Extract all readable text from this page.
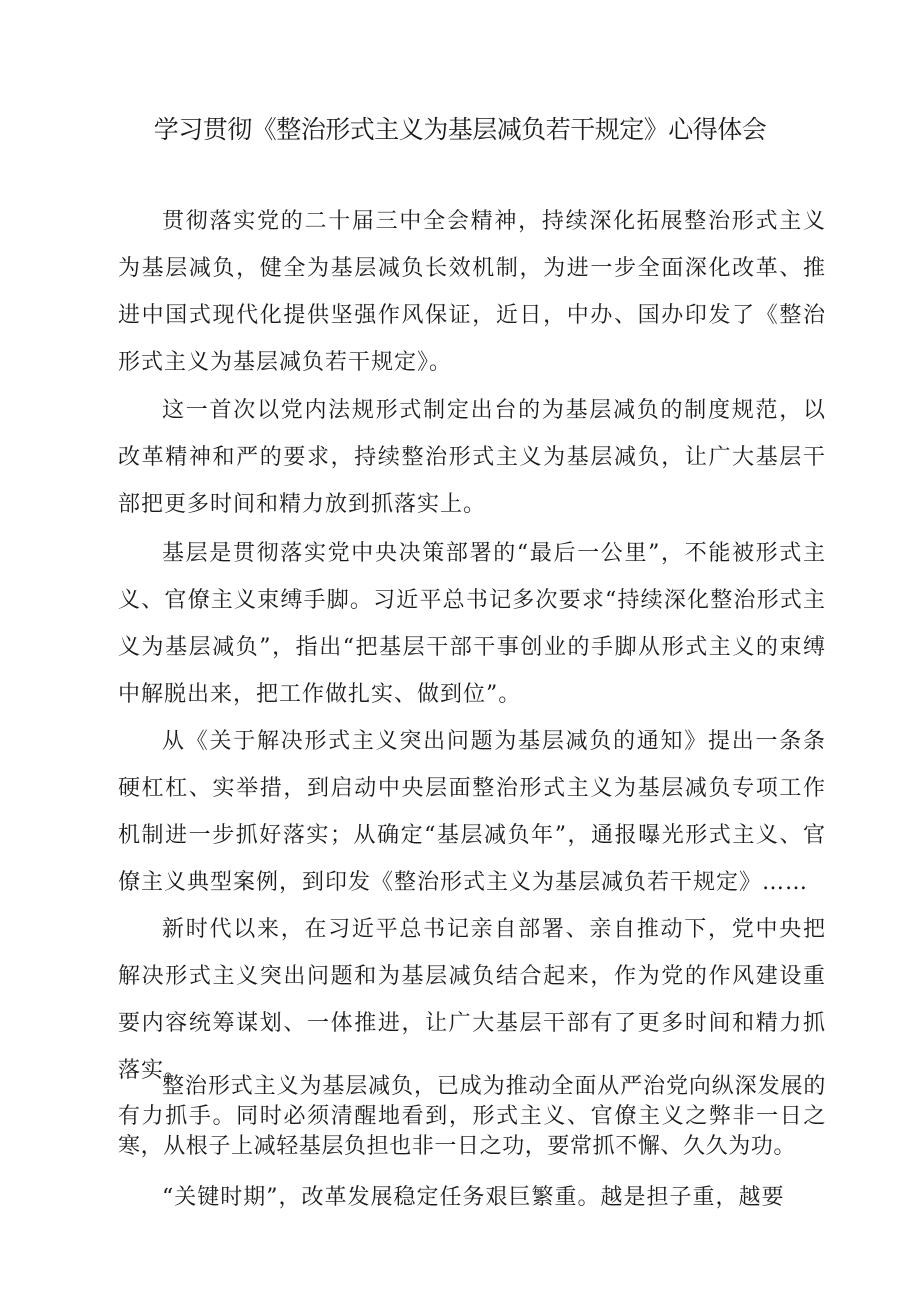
学习贯彻《整治形式主义为基层减负若干规定》心得体会

贯彻落实党的二十届三中全会精神，持续深化拓展整治形式主义为基层减负，健全为基层减负长效机制，为进一步全面深化改革、推进中国式现代化提供坚强作风保证，近日，中办、国办印发了《整治形式主义为基层减负若干规定》。

这一首次以党内法规形式制定出台的为基层减负的制度规范，以改革精神和严的要求，持续整治形式主义为基层减负，让广大基层干部把更多时间和精力放到抓落实上。

基层是贯彻落实党中央决策部署的“最后一公里”，不能被形式主义、官僚主义束缚手脚。习近平总书记多次要求“持续深化整治形式主义为基层减负”，指出“把基层干部干事创业的手脚从形式主义的束缚中解脱出来，把工作做扎实、做到位”。

从《关于解决形式主义突出问题为基层减负的通知》提出一条条硬杠杠、实举措，到启动中央层面整治形式主义为基层减负专项工作机制进一步抓好落实；从确定“基层减负年”，通报曝光形式主义、官僚主义典型案例，到印发《整治形式主义为基层减负若干规定》……

新时代以来，在习近平总书记亲自部署、亲自推动下，党中央把解决形式主义突出问题和为基层减负结合起来，作为党的作风建设重要内容统筹谋划、一体推进，让广大基层干部有了更多时间和精力抓落实。

整治形式主义为基层减负，已成为推动全面从严治党向纵深发展的有力抓手。同时必须清醒地看到，形式主义、官僚主义之弊非一日之寒，从根子上减轻基层负担也非一日之功，要常抓不懈、久久为功。

“关键时期”，改革发展稳定任务艰巨繁重。越是担子重，越要
